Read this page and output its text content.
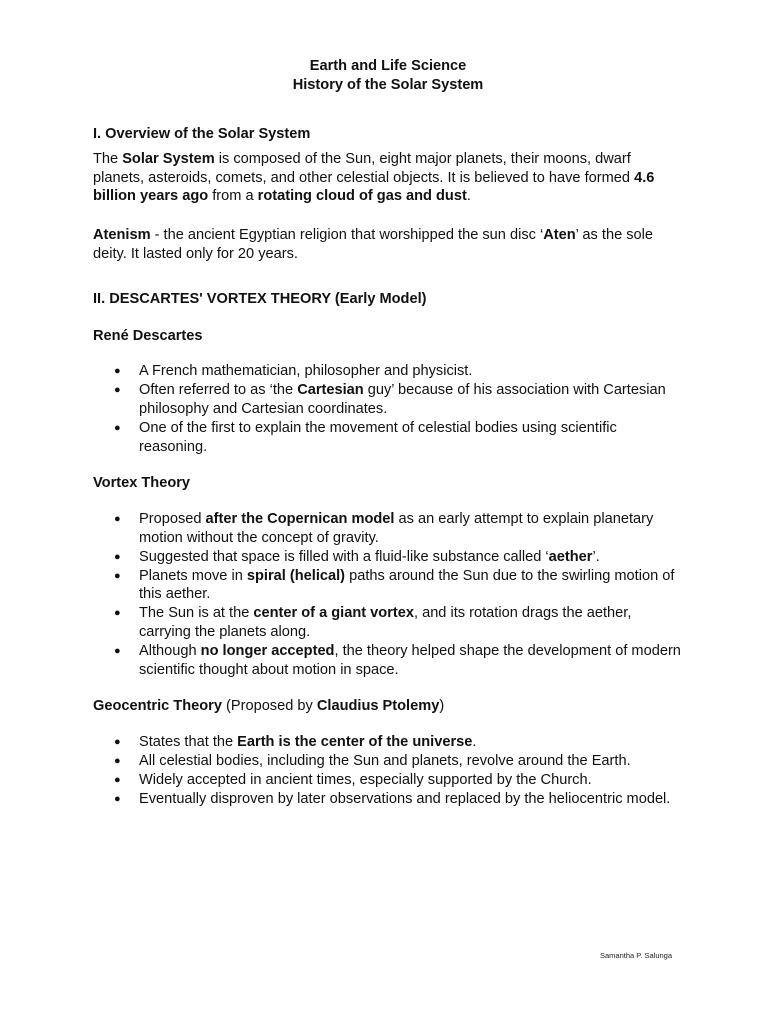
Earth and Life Science
History of the Solar System
I. Overview of the Solar System

The Solar System is composed of the Sun, eight major planets, their moons, dwarf planets, asteroids, comets, and other celestial objects. It is believed to have formed 4.6 billion years ago from a rotating cloud of gas and dust.

Atenism - the ancient Egyptian religion that worshipped the sun disc ‘Aten’ as the sole deity. It lasted only for 20 years.

II. DESCARTES' VORTEX THEORY (Early Model)
René Descartes
● A French mathematician, philosopher and physicist.
● Often referred to as ‘the Cartesian guy’ because of his association with Cartesian philosophy and Cartesian coordinates.
● One of the first to explain the movement of celestial bodies using scientific reasoning.
Vortex Theory
● Proposed after the Copernican model as an early attempt to explain planetary motion without the concept of gravity.
● Suggested that space is filled with a fluid-like substance called ‘aether’.
● Planets move in spiral (helical) paths around the Sun due to the swirling motion of this aether.
● The Sun is at the center of a giant vortex, and its rotation drags the aether, carrying the planets along.
● Although no longer accepted, the theory helped shape the development of modern scientific thought about motion in space.
Geocentric Theory (Proposed by Claudius Ptolemy)
● States that the Earth is the center of the universe.
● All celestial bodies, including the Sun and planets, revolve around the Earth.
● Widely accepted in ancient times, especially supported by the Church.
● Eventually disproven by later observations and replaced by the heliocentric model.
Samantha P. Salunga
